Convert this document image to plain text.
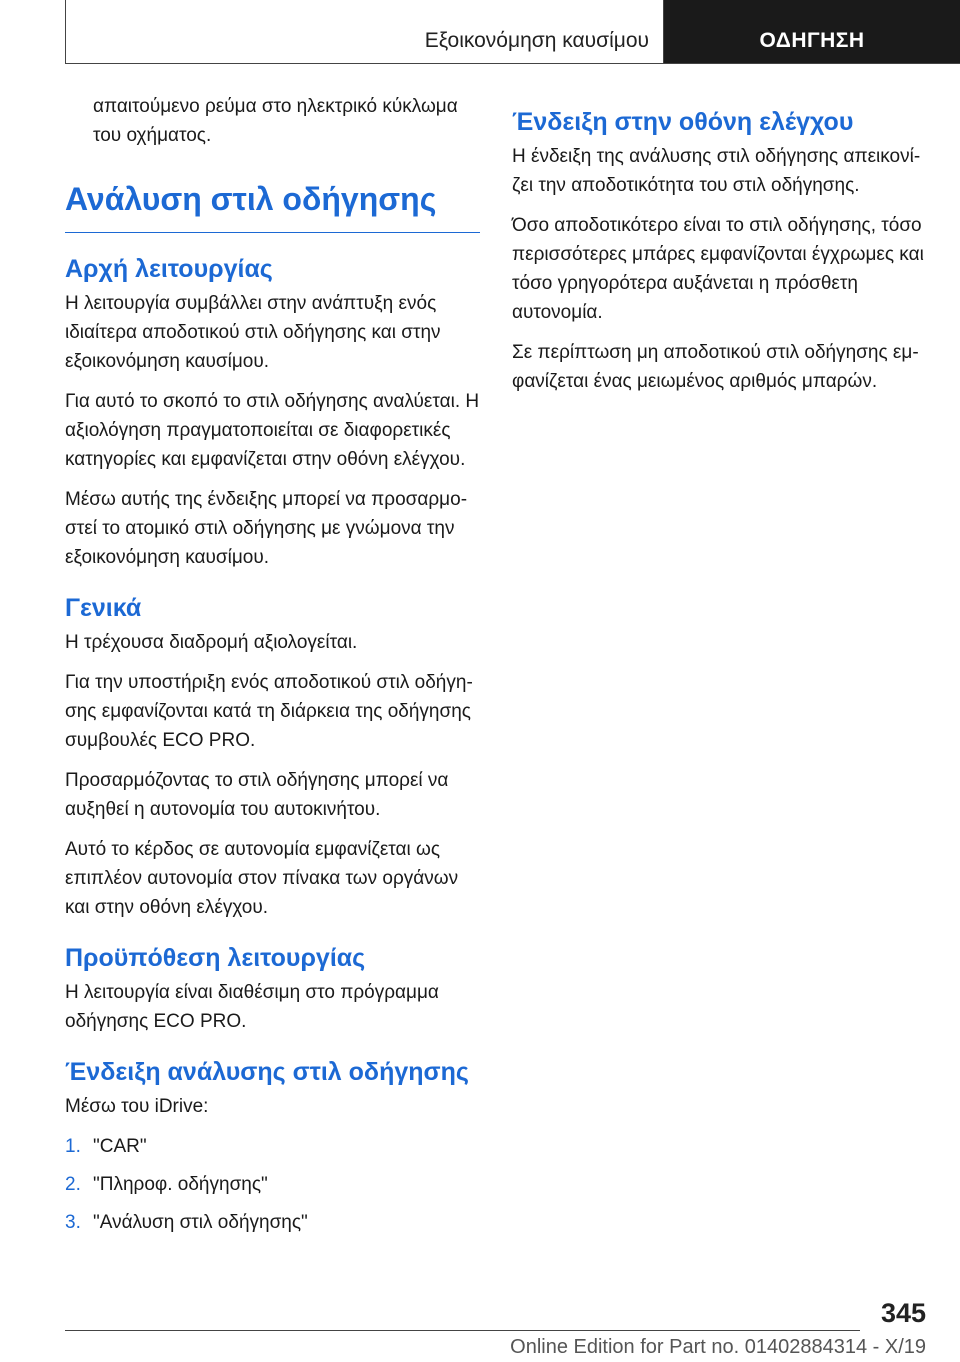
Εξοικονόμηση καυσίμου	ΟΔΗΓΗΣΗ

απαιτούμενο ρεύμα στο ηλεκτρικό κύκλωμα του οχήματος.

Ανάλυση στιλ οδήγησης
Αρχή λειτουργίας

Η λειτουργία συμβάλλει στην ανάπτυξη ενός ιδιαίτερα αποδοτικού στιλ οδήγησης και στην εξοικονόμηση καυσίμου.

Για αυτό το σκοπό το στιλ οδήγησης αναλύεται. Η αξιολόγηση πραγματοποιείται σε διαφορετικές κατηγορίες και εμφανίζεται στην οθόνη ελέγχου.

Μέσω αυτής της ένδειξης μπορεί να προσαρμοστεί το ατομικό στιλ οδήγησης με γνώμονα την εξοικονόμηση καυσίμου.

Γενικά

Η τρέχουσα διαδρομή αξιολογείται.

Για την υποστήριξη ενός αποδοτικού στιλ οδήγησης εμφανίζονται κατά τη διάρκεια της οδήγησης συμβουλές ECO PRO.

Προσαρμόζοντας το στιλ οδήγησης μπορεί να αυξηθεί η αυτονομία του αυτοκινήτου.

Αυτό το κέρδος σε αυτονομία εμφανίζεται ως επιπλέον αυτονομία στον πίνακα των οργάνων και στην οθόνη ελέγχου.

Προϋπόθεση λειτουργίας

Η λειτουργία είναι διαθέσιμη στο πρόγραμμα οδήγησης ECO PRO.

Ένδειξη ανάλυσης στιλ οδήγησης

Μέσω του iDrive:

1. "CAR"
2. "Πληροφ. οδήγησης"
3. "Ανάλυση στιλ οδήγησης"
Ένδειξη στην οθόνη ελέγχου

Η ένδειξη της ανάλυσης στιλ οδήγησης απεικονίζει την αποδοτικότητα του στιλ οδήγησης.

Όσο αποδοτικότερο είναι το στιλ οδήγησης, τόσο περισσότερες μπάρες εμφανίζονται έγχρωμες και τόσο γρηγορότερα αυξάνεται η πρόσθετη αυτονομία.

Σε περίπτωση μη αποδοτικού στιλ οδήγησης εμφανίζεται ένας μειωμένος αριθμός μπαρών.

345
Online Edition for Part no. 01402884314 - X/19
